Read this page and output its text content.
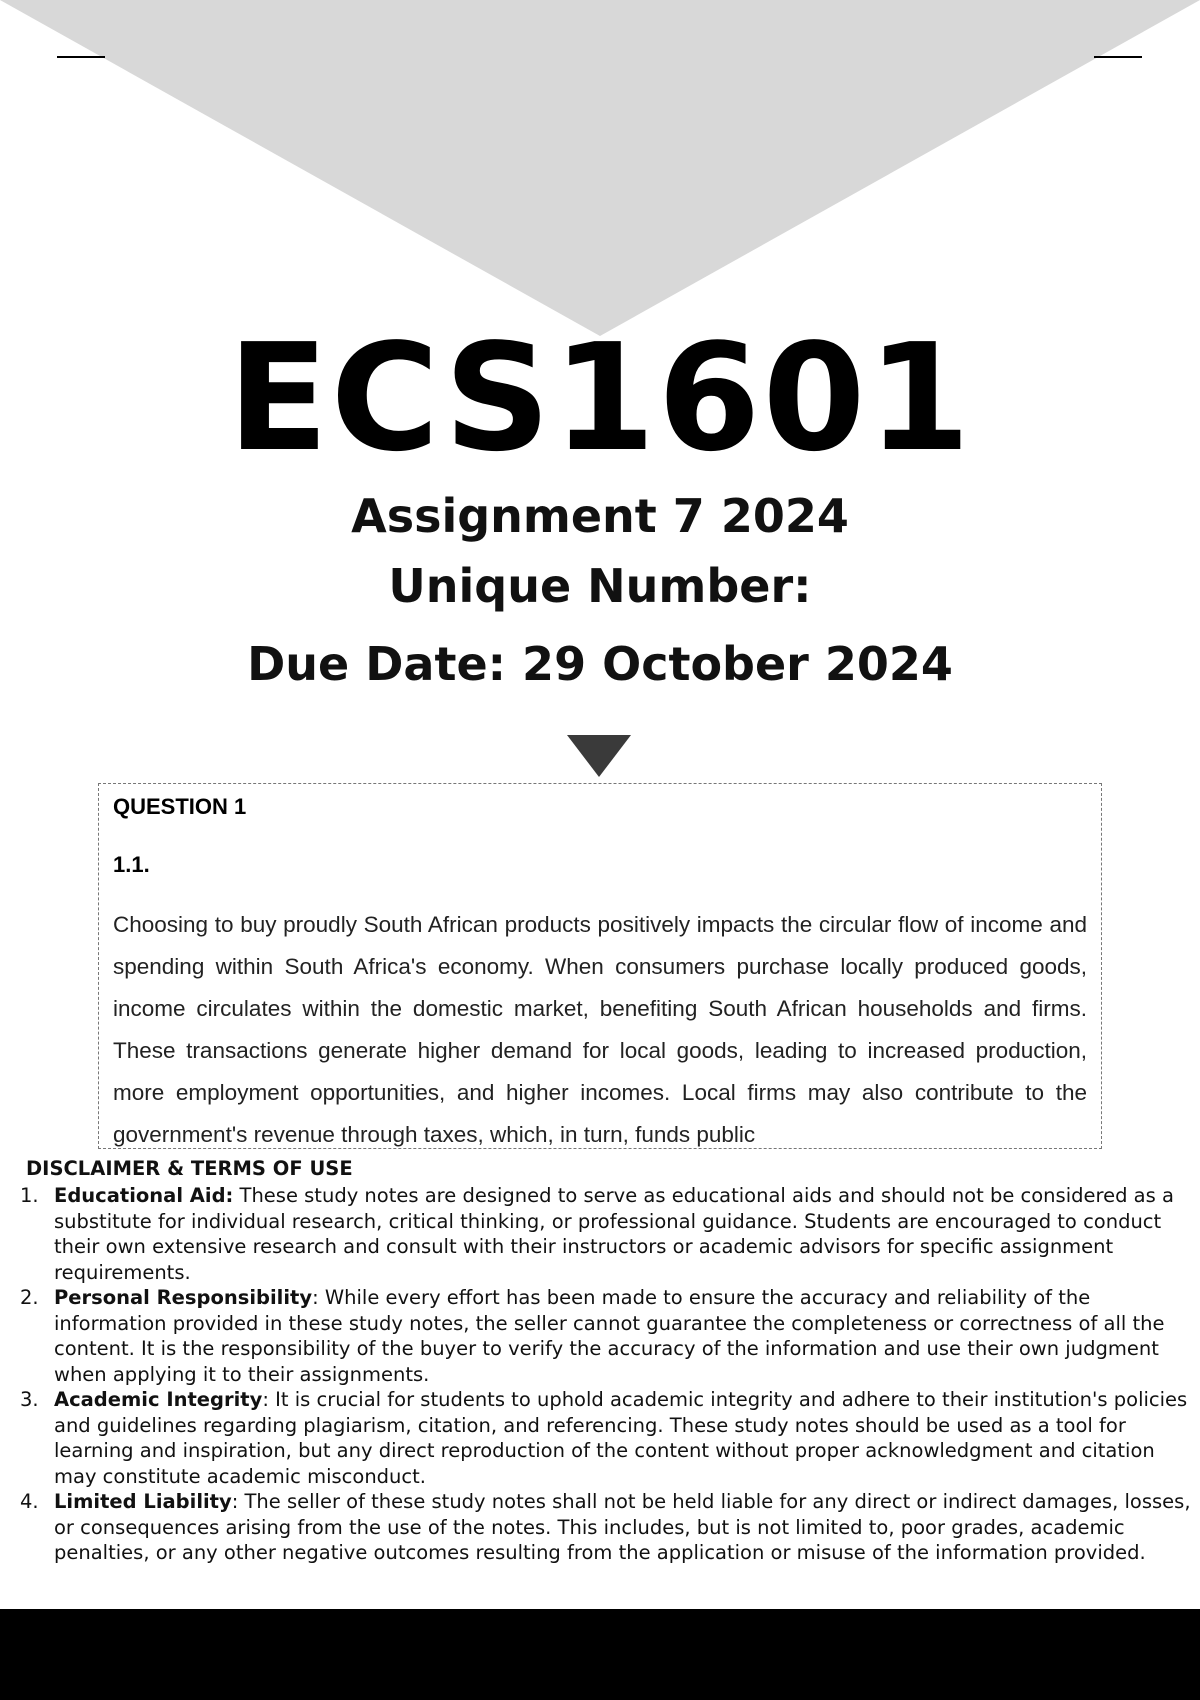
ECS1601
Assignment 7 2024
Unique Number:
Due Date: 29 October 2024
QUESTION 1
1.1.

Choosing to buy proudly South African products positively impacts the circular flow of income and spending within South Africa's economy. When consumers purchase locally produced goods, income circulates within the domestic market, benefiting South African households and firms. These transactions generate higher demand for local goods, leading to increased production, more employment opportunities, and higher incomes. Local firms may also contribute to the government's revenue through taxes, which, in turn, funds public

DISCLAIMER & TERMS OF USE
1. Educational Aid: These study notes are designed to serve as educational aids and should not be considered as a substitute for individual research, critical thinking, or professional guidance. Students are encouraged to conduct their own extensive research and consult with their instructors or academic advisors for specific assignment requirements.
2. Personal Responsibility: While every effort has been made to ensure the accuracy and reliability of the information provided in these study notes, the seller cannot guarantee the completeness or correctness of all the content. It is the responsibility of the buyer to verify the accuracy of the information and use their own judgment when applying it to their assignments.
3. Academic Integrity: It is crucial for students to uphold academic integrity and adhere to their institution's policies and guidelines regarding plagiarism, citation, and referencing. These study notes should be used as a tool for learning and inspiration, but any direct reproduction of the content without proper acknowledgment and citation may constitute academic misconduct.
4. Limited Liability: The seller of these study notes shall not be held liable for any direct or indirect damages, losses, or consequences arising from the use of the notes. This includes, but is not limited to, poor grades, academic penalties, or any other negative outcomes resulting from the application or misuse of the information provided.
